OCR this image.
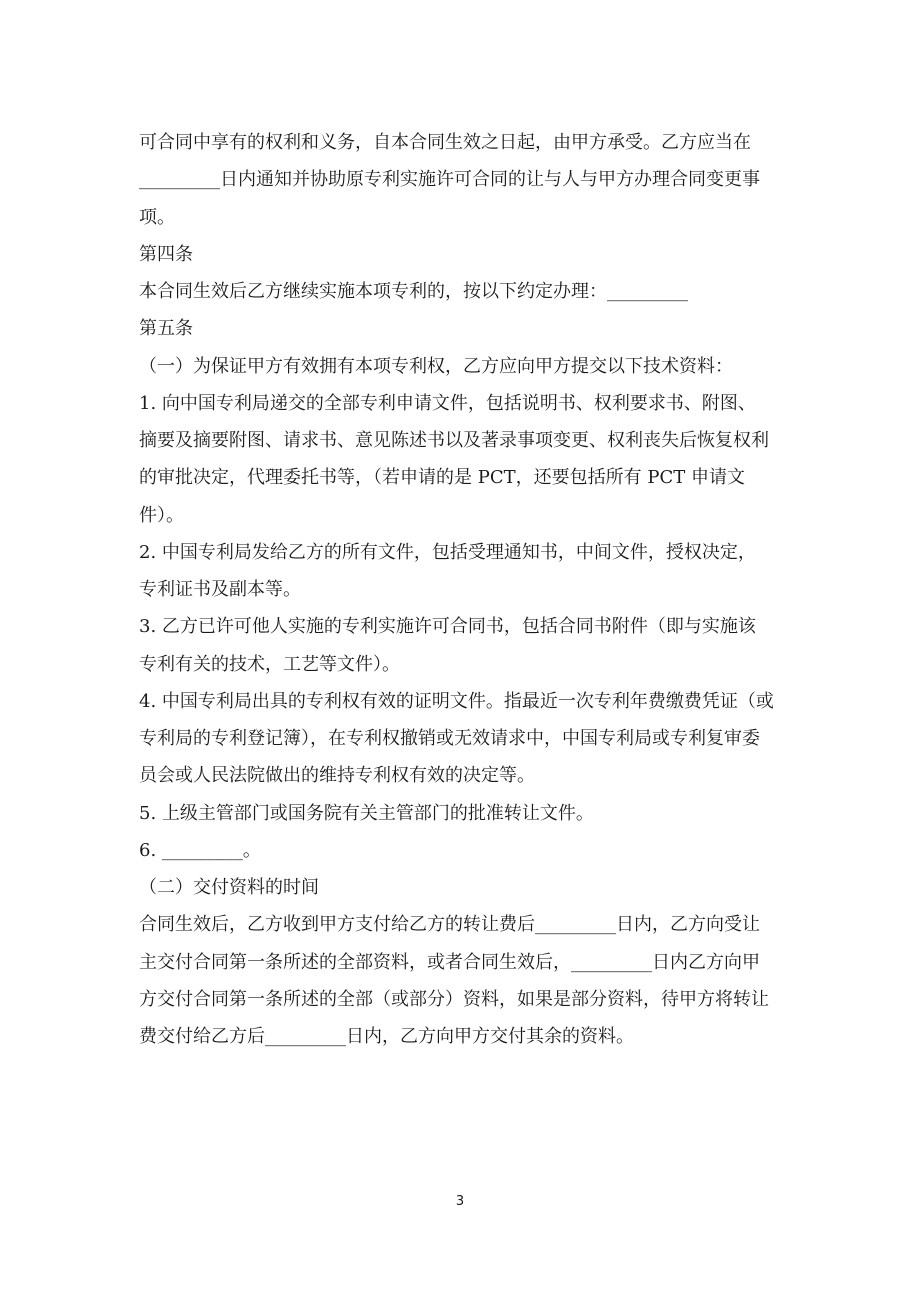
可合同中享有的权利和义务，自本合同生效之日起，由甲方承受。乙方应当在
_________日内通知并协助原专利实施许可合同的让与人与甲方办理合同变更事
项。
第四条
本合同生效后乙方继续实施本项专利的，按以下约定办理：_________
第五条
（一）为保证甲方有效拥有本项专利权，乙方应向甲方提交以下技术资料：
1. 向中国专利局递交的全部专利申请文件，包括说明书、权利要求书、附图、
摘要及摘要附图、请求书、意见陈述书以及著录事项变更、权利丧失后恢复权利
的审批决定，代理委托书等，（若申请的是 PCT，还要包括所有 PCT 申请文
件）。
2. 中国专利局发给乙方的所有文件，包括受理通知书，中间文件，授权决定，
专利证书及副本等。
3. 乙方已许可他人实施的专利实施许可合同书，包括合同书附件（即与实施该
专利有关的技术，工艺等文件）。
4. 中国专利局出具的专利权有效的证明文件。指最近一次专利年费缴费凭证（或
专利局的专利登记簿），在专利权撤销或无效请求中，中国专利局或专利复审委
员会或人民法院做出的维持专利权有效的决定等。
5. 上级主管部门或国务院有关主管部门的批准转让文件。
6. _________。
（二）交付资料的时间
合同生效后，乙方收到甲方支付给乙方的转让费后_________日内，乙方向受让
主交付合同第一条所述的全部资料，或者合同生效后，_________日内乙方向甲
方交付合同第一条所述的全部（或部分）资料，如果是部分资料，待甲方将转让
费交付给乙方后_________日内，乙方向甲方交付其余的资料。
3
